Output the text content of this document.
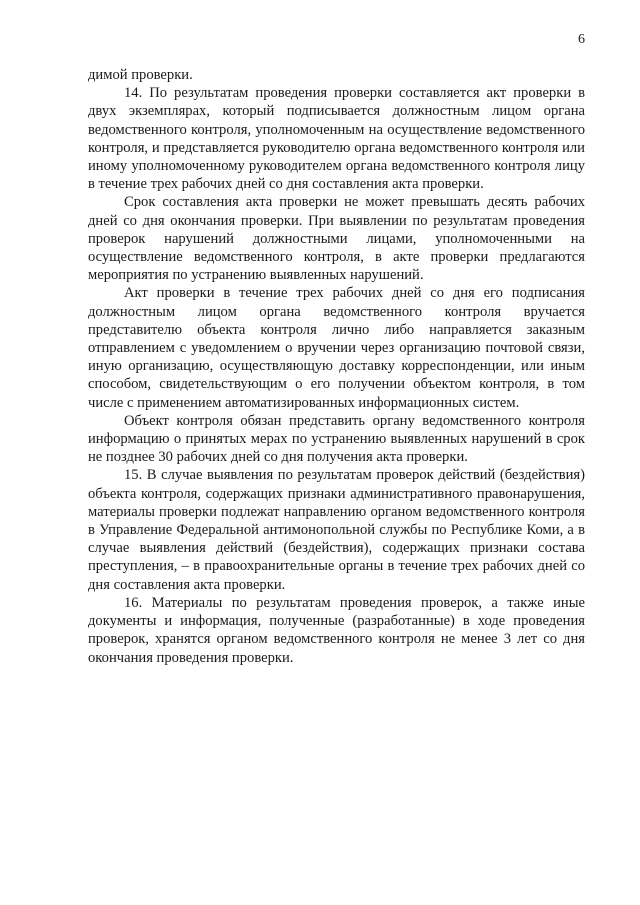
6

димой проверки.

14. По результатам проведения проверки составляется акт проверки в двух экземплярах, который подписывается должностным лицом органа ведомственного контроля, уполномоченным на осуществление ведомственного контроля, и представляется руководителю органа ведомственного контроля или иному уполномоченному руководителем органа ведомственного контроля лицу в течение трех рабочих дней со дня составления акта проверки.

Срок составления акта проверки не может превышать десять рабочих дней со дня окончания проверки. При выявлении по результатам проведения проверок нарушений должностными лицами, уполномоченными на осуществление ведомственного контроля, в акте проверки предлагаются мероприятия по устранению выявленных нарушений.

Акт проверки в течение трех рабочих дней со дня его подписания должностным лицом органа ведомственного контроля вручается представителю объекта контроля лично либо направляется заказным отправлением с уведомлением о вручении через организацию почтовой связи, иную организацию, осуществляющую доставку корреспонденции, или иным способом, свидетельствующим о его получении объектом контроля, в том числе с применением автоматизированных информационных систем.

Объект контроля обязан представить органу ведомственного контроля информацию о принятых мерах по устранению выявленных нарушений в срок не позднее 30 рабочих дней со дня получения акта проверки.

15. В случае выявления по результатам проверок действий (бездействия) объекта контроля, содержащих признаки административного правонарушения, материалы проверки подлежат направлению органом ведомственного контроля в Управление Федеральной антимонопольной службы по Республике Коми, а в случае выявления действий (бездействия), содержащих признаки состава преступления, – в правоохранительные органы в течение трех рабочих дней со дня составления акта проверки.

16. Материалы по результатам проведения проверок, а также иные документы и информация, полученные (разработанные) в ходе проведения проверок, хранятся органом ведомственного контроля не менее 3 лет со дня окончания проведения проверки.
